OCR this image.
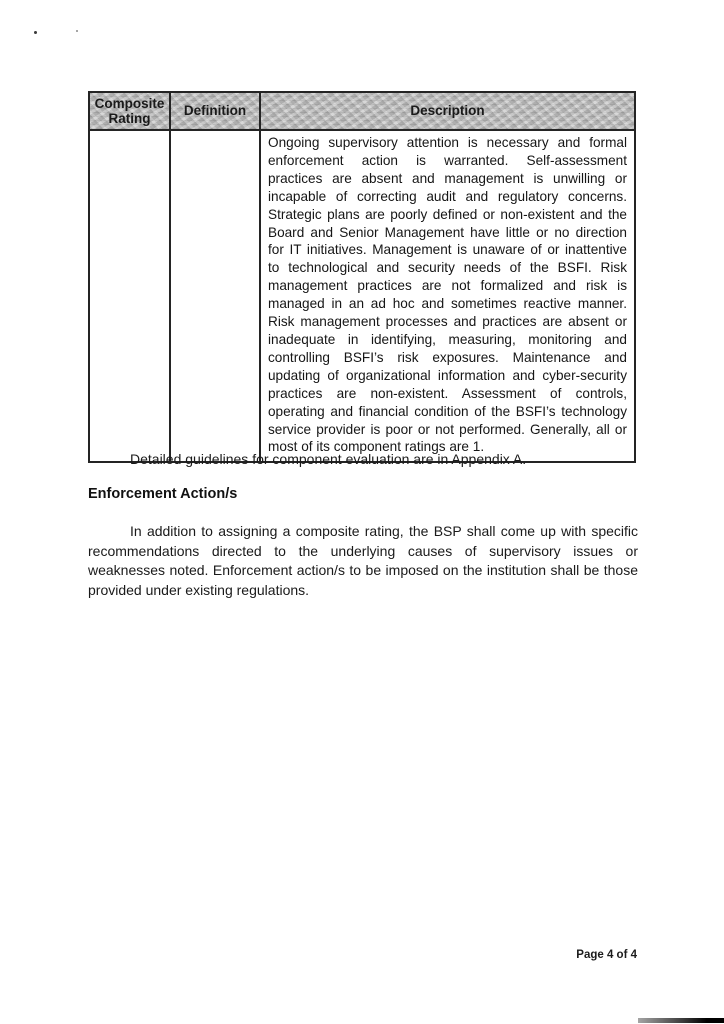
Composite Rating
Definition	Description
Ongoing supervisory attention is necessary and formal enforcement action is warranted. Self-assessment practices are absent and management is unwilling or incapable of correcting audit and regulatory concerns. Strategic plans are poorly defined or non-existent and the Board and Senior Management have little or no direction for IT initiatives. Management is unaware of or inattentive to technological and security needs of the BSFI. Risk management practices are not formalized and risk is managed in an ad hoc and sometimes reactive manner. Risk management processes and practices are absent or inadequate in identifying, measuring, monitoring and controlling BSFI’s risk exposures. Maintenance and updating of organizational information and cyber-security practices are non-existent. Assessment of controls, operating and financial condition of the BSFI’s technology service provider is poor or not performed. Generally, all or most of its component ratings are 1.

Detailed guidelines for component evaluation are in Appendix A.

Enforcement Action/s

In addition to assigning a composite rating, the BSP shall come up with specific recommendations directed to the underlying causes of supervisory issues or weaknesses noted. Enforcement action/s to be imposed on the institution shall be those provided under existing regulations.

Page 4 of 4
